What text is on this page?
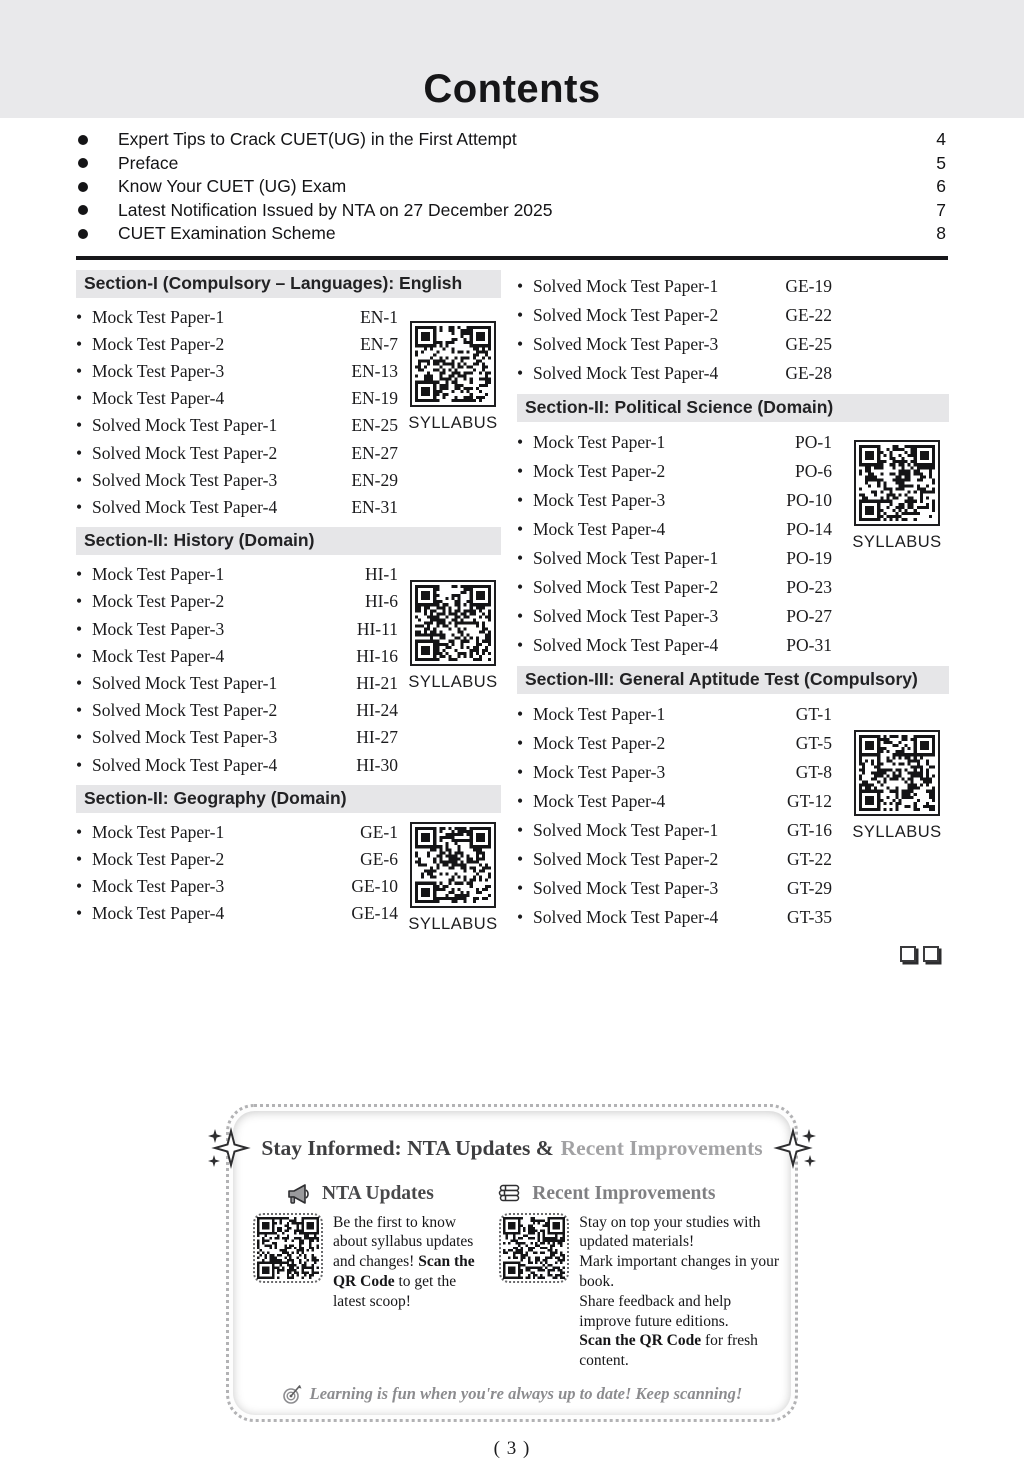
Contents
Expert Tips to Crack CUET(UG) in the First Attempt	4
Preface	5
Know Your CUET (UG) Exam	6
Latest Notification Issued by NTA on 27 December 2025	7
CUET Examination Scheme	8
Section-I (Compulsory – Languages): English
• Mock Test Paper-1	EN-1
• Mock Test Paper-2	EN-7
• Mock Test Paper-3	EN-13
• Mock Test Paper-4	EN-19
• Solved Mock Test Paper-1	EN-25
• Solved Mock Test Paper-2	EN-27
• Solved Mock Test Paper-3	EN-29
• Solved Mock Test Paper-4	EN-31
SYLLABUS
Section-II: History (Domain)
• Mock Test Paper-1	HI-1
• Mock Test Paper-2	HI-6
• Mock Test Paper-3	HI-11
• Mock Test Paper-4	HI-16
• Solved Mock Test Paper-1	HI-21
• Solved Mock Test Paper-2	HI-24
• Solved Mock Test Paper-3	HI-27
• Solved Mock Test Paper-4	HI-30
SYLLABUS
Section-II: Geography (Domain)
• Mock Test Paper-1	GE-1
• Mock Test Paper-2	GE-6
• Mock Test Paper-3	GE-10
• Mock Test Paper-4	GE-14
SYLLABUS
• Solved Mock Test Paper-1	GE-19
• Solved Mock Test Paper-2	GE-22
• Solved Mock Test Paper-3	GE-25
• Solved Mock Test Paper-4	GE-28
Section-II: Political Science (Domain)
• Mock Test Paper-1	PO-1
• Mock Test Paper-2	PO-6
• Mock Test Paper-3	PO-10
• Mock Test Paper-4	PO-14
• Solved Mock Test Paper-1	PO-19
• Solved Mock Test Paper-2	PO-23
• Solved Mock Test Paper-3	PO-27
• Solved Mock Test Paper-4	PO-31
SYLLABUS
Section-III: General Aptitude Test (Compulsory)
• Mock Test Paper-1	GT-1
• Mock Test Paper-2	GT-5
• Mock Test Paper-3	GT-8
• Mock Test Paper-4	GT-12
• Solved Mock Test Paper-1	GT-16
• Solved Mock Test Paper-2	GT-22
• Solved Mock Test Paper-3	GT-29
• Solved Mock Test Paper-4	GT-35
SYLLABUS
Stay Informed: NTA Updates & Recent Improvements
NTA Updates
Be the first to know about syllabus updates and changes! Scan the QR Code to get the latest scoop!
Recent Improvements
Stay on top your studies with updated materials!
Mark important changes in your book.
Share feedback and help improve future editions.
Scan the QR Code for fresh content.
Learning is fun when you're always up to date! Keep scanning!
( 3 )
